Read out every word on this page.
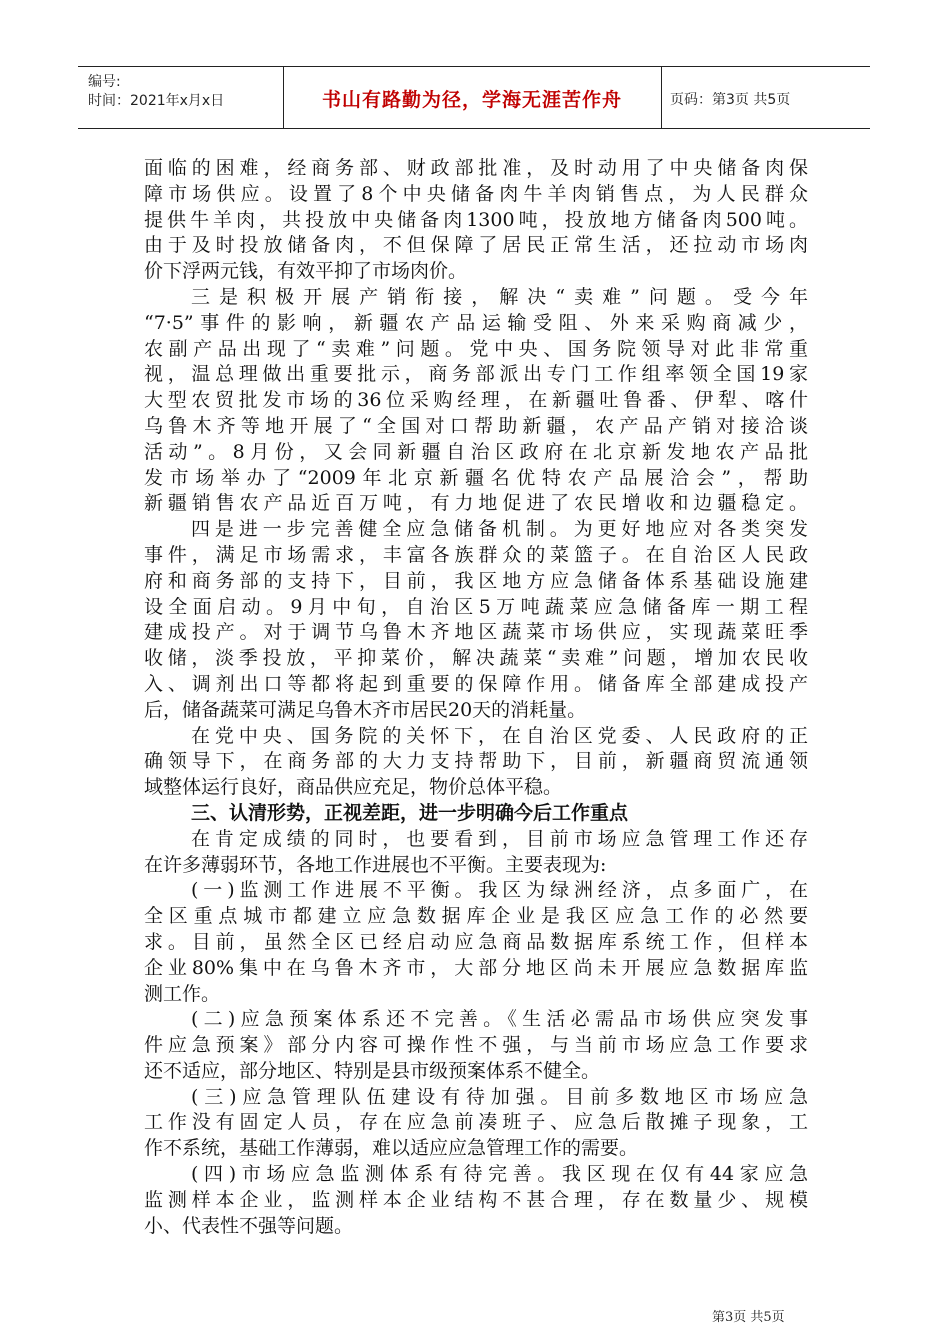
编号:
时间：2021年x月x日	书山有路勤为径，学海无涯苦作舟	页码：第3页 共5页
面临的困难，经商务部、财政部批准，及时动用了中央储备肉保
障市场供应。设置了8个中央储备肉牛羊肉销售点，为人民群众
提供牛羊肉，共投放中央储备肉1300吨，投放地方储备肉500吨。
由于及时投放储备肉，不但保障了居民正常生活，还拉动市场肉
价下浮两元钱，有效平抑了市场肉价。
三是积极开展产销衔接，解决“卖难”问题。受今年
“7·5”事件的影响，新疆农产品运输受阻、外来采购商减少，
农副产品出现了“卖难”问题。党中央、国务院领导对此非常重
视，温总理做出重要批示，商务部派出专门工作组率领全国19家
大型农贸批发市场的36位采购经理，在新疆吐鲁番、伊犁、喀什
乌鲁木齐等地开展了“全国对口帮助新疆，农产品产销对接洽谈
活动”。8月份，又会同新疆自治区政府在北京新发地农产品批
发市场举办了“2009年北京新疆名优特农产品展洽会”，帮助
新疆销售农产品近百万吨，有力地促进了农民增收和边疆稳定。
四是进一步完善健全应急储备机制。为更好地应对各类突发
事件，满足市场需求，丰富各族群众的菜篮子。在自治区人民政
府和商务部的支持下，目前，我区地方应急储备体系基础设施建
设全面启动。9月中旬，自治区5万吨蔬菜应急储备库一期工程
建成投产。对于调节乌鲁木齐地区蔬菜市场供应，实现蔬菜旺季
收储，淡季投放，平抑菜价，解决蔬菜“卖难”问题，增加农民收
入、调剂出口等都将起到重要的保障作用。储备库全部建成投产
后，储备蔬菜可满足乌鲁木齐市居民20天的消耗量。
在党中央、国务院的关怀下，在自治区党委、人民政府的正
确领导下，在商务部的大力支持帮助下，目前，新疆商贸流通领
域整体运行良好，商品供应充足，物价总体平稳。
三、认清形势，正视差距，进一步明确今后工作重点
在肯定成绩的同时，也要看到，目前市场应急管理工作还存
在许多薄弱环节，各地工作进展也不平衡。主要表现为:
(一)监测工作进展不平衡。我区为绿洲经济，点多面广，在
全区重点城市都建立应急数据库企业是我区应急工作的必然要
求。目前，虽然全区已经启动应急商品数据库系统工作，但样本
企业80%集中在乌鲁木齐市，大部分地区尚未开展应急数据库监
测工作。
(二)应急预案体系还不完善。《生活必需品市场供应突发事
件应急预案》部分内容可操作性不强，与当前市场应急工作要求
还不适应，部分地区、特别是县市级预案体系不健全。
(三)应急管理队伍建设有待加强。目前多数地区市场应急
工作没有固定人员，存在应急前凑班子、应急后散摊子现象，工
作不系统，基础工作薄弱，难以适应应急管理工作的需要。
(四)市场应急监测体系有待完善。我区现在仅有44家应急
监测样本企业，监测样本企业结构不甚合理，存在数量少、规模
小、代表性不强等问题。
第3页 共5页
